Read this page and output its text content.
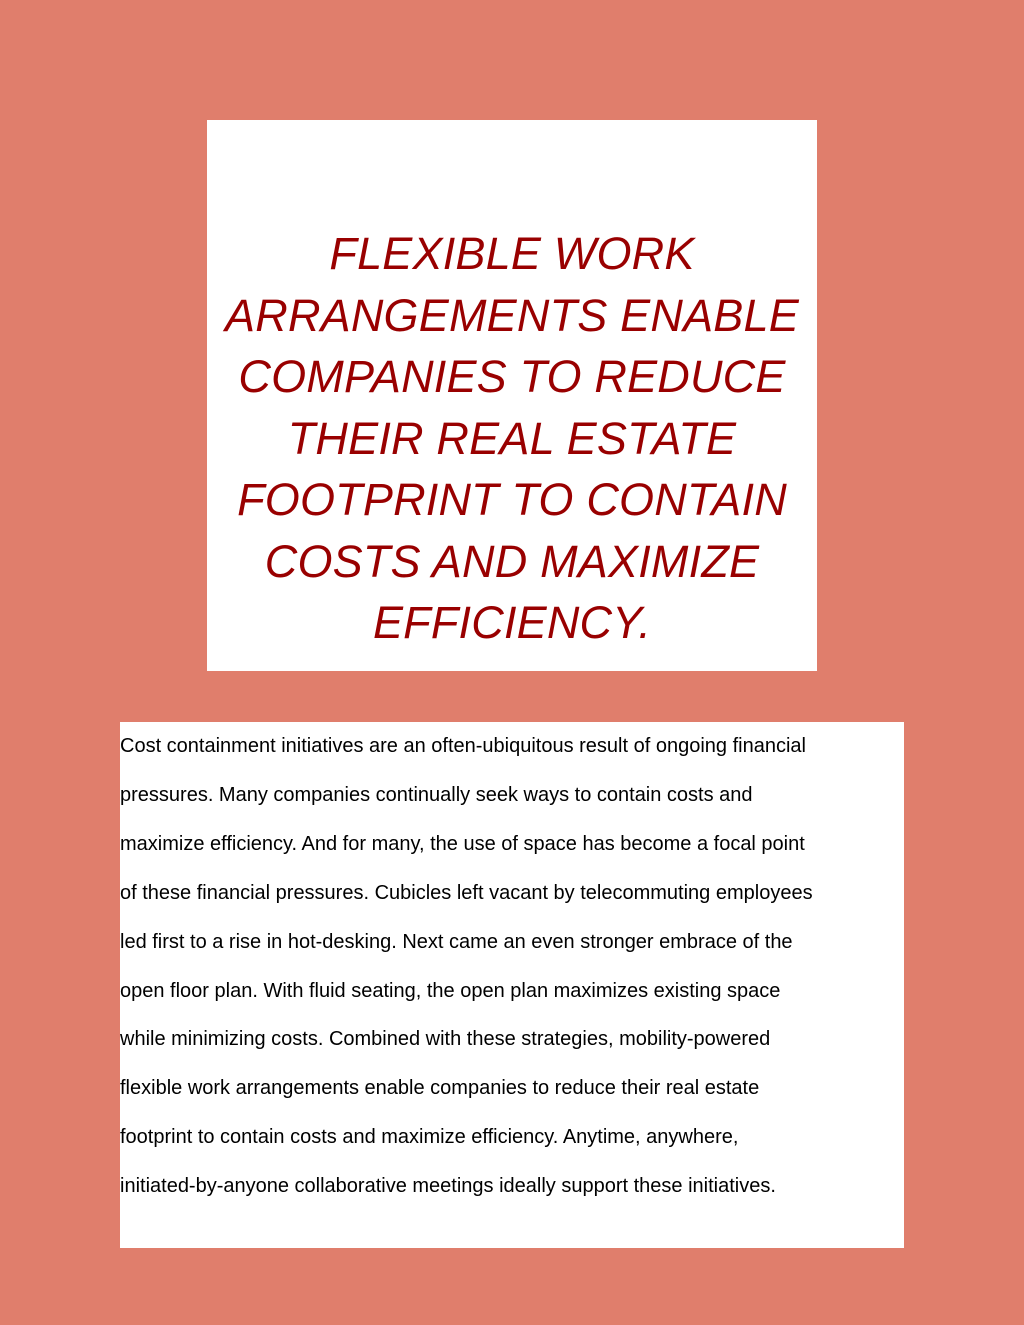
FLEXIBLE WORK
ARRANGEMENTS ENABLE
COMPANIES TO REDUCE
THEIR REAL ESTATE
FOOTPRINT TO CONTAIN
COSTS AND MAXIMIZE
EFFICIENCY.

Cost containment initiatives are an often-ubiquitous result of ongoing financial
pressures. Many companies continually seek ways to contain costs and
maximize efficiency. And for many, the use of space has become a focal point
of these financial pressures. Cubicles left vacant by telecommuting employees
led first to a rise in hot-desking. Next came an even stronger embrace of the
open floor plan. With fluid seating, the open plan maximizes existing space
while minimizing costs. Combined with these strategies, mobility-powered
flexible work arrangements enable companies to reduce their real estate
footprint to contain costs and maximize efficiency. Anytime, anywhere,
initiated-by-anyone collaborative meetings ideally support these initiatives.
